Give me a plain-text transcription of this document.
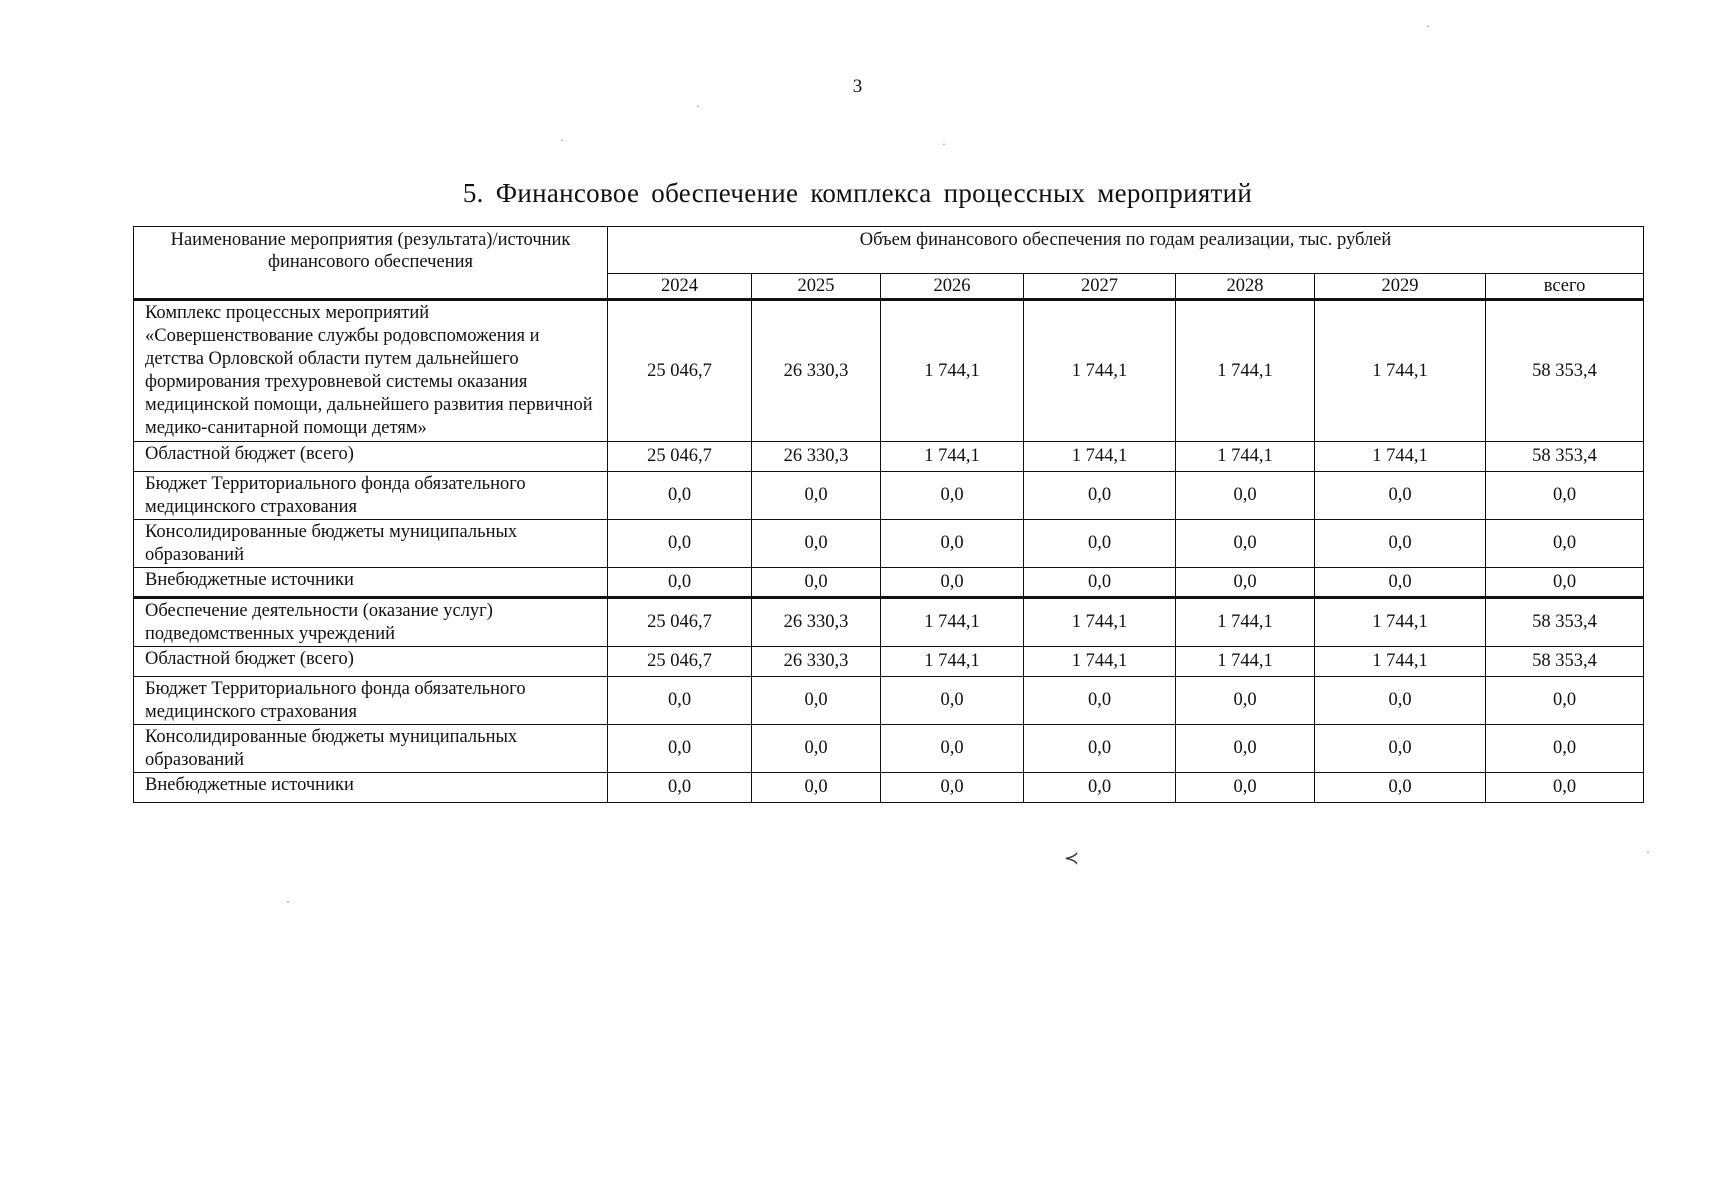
3
5. Финансовое обеспечение комплекса процессных мероприятий
Наименование мероприятия (результата)/источник финансового обеспечения	Объем финансового обеспечения по годам реализации, тыс. рублей						
	2024	2025	2026	2027	2028	2029	всего
Комплекс процессных мероприятий «Совершенствование службы родовспоможения и детства Орловской области путем дальнейшего формирования трехуровневой системы оказания медицинской помощи, дальнейшего развития первичной медико-санитарной помощи детям»	25 046,7	26 330,3	1 744,1	1 744,1	1 744,1	1 744,1	58 353,4
Областной бюджет (всего)	25 046,7	26 330,3	1 744,1	1 744,1	1 744,1	1 744,1	58 353,4
Бюджет Территориального фонда обязательного медицинского страхования	0,0	0,0	0,0	0,0	0,0	0,0	0,0
Консолидированные бюджеты муниципальных образований	0,0	0,0	0,0	0,0	0,0	0,0	0,0
Внебюджетные источники	0,0	0,0	0,0	0,0	0,0	0,0	0,0
Обеспечение деятельности (оказание услуг) подведомственных учреждений	25 046,7	26 330,3	1 744,1	1 744,1	1 744,1	1 744,1	58 353,4
Областной бюджет (всего)	25 046,7	26 330,3	1 744,1	1 744,1	1 744,1	1 744,1	58 353,4
Бюджет Территориального фонда обязательного медицинского страхования	0,0	0,0	0,0	0,0	0,0	0,0	0,0
Консолидированные бюджеты муниципальных образований	0,0	0,0	0,0	0,0	0,0	0,0	0,0
Внебюджетные источники	0,0	0,0	0,0	0,0	0,0	0,0	0,0
≺
·
·
·
·
·
·
